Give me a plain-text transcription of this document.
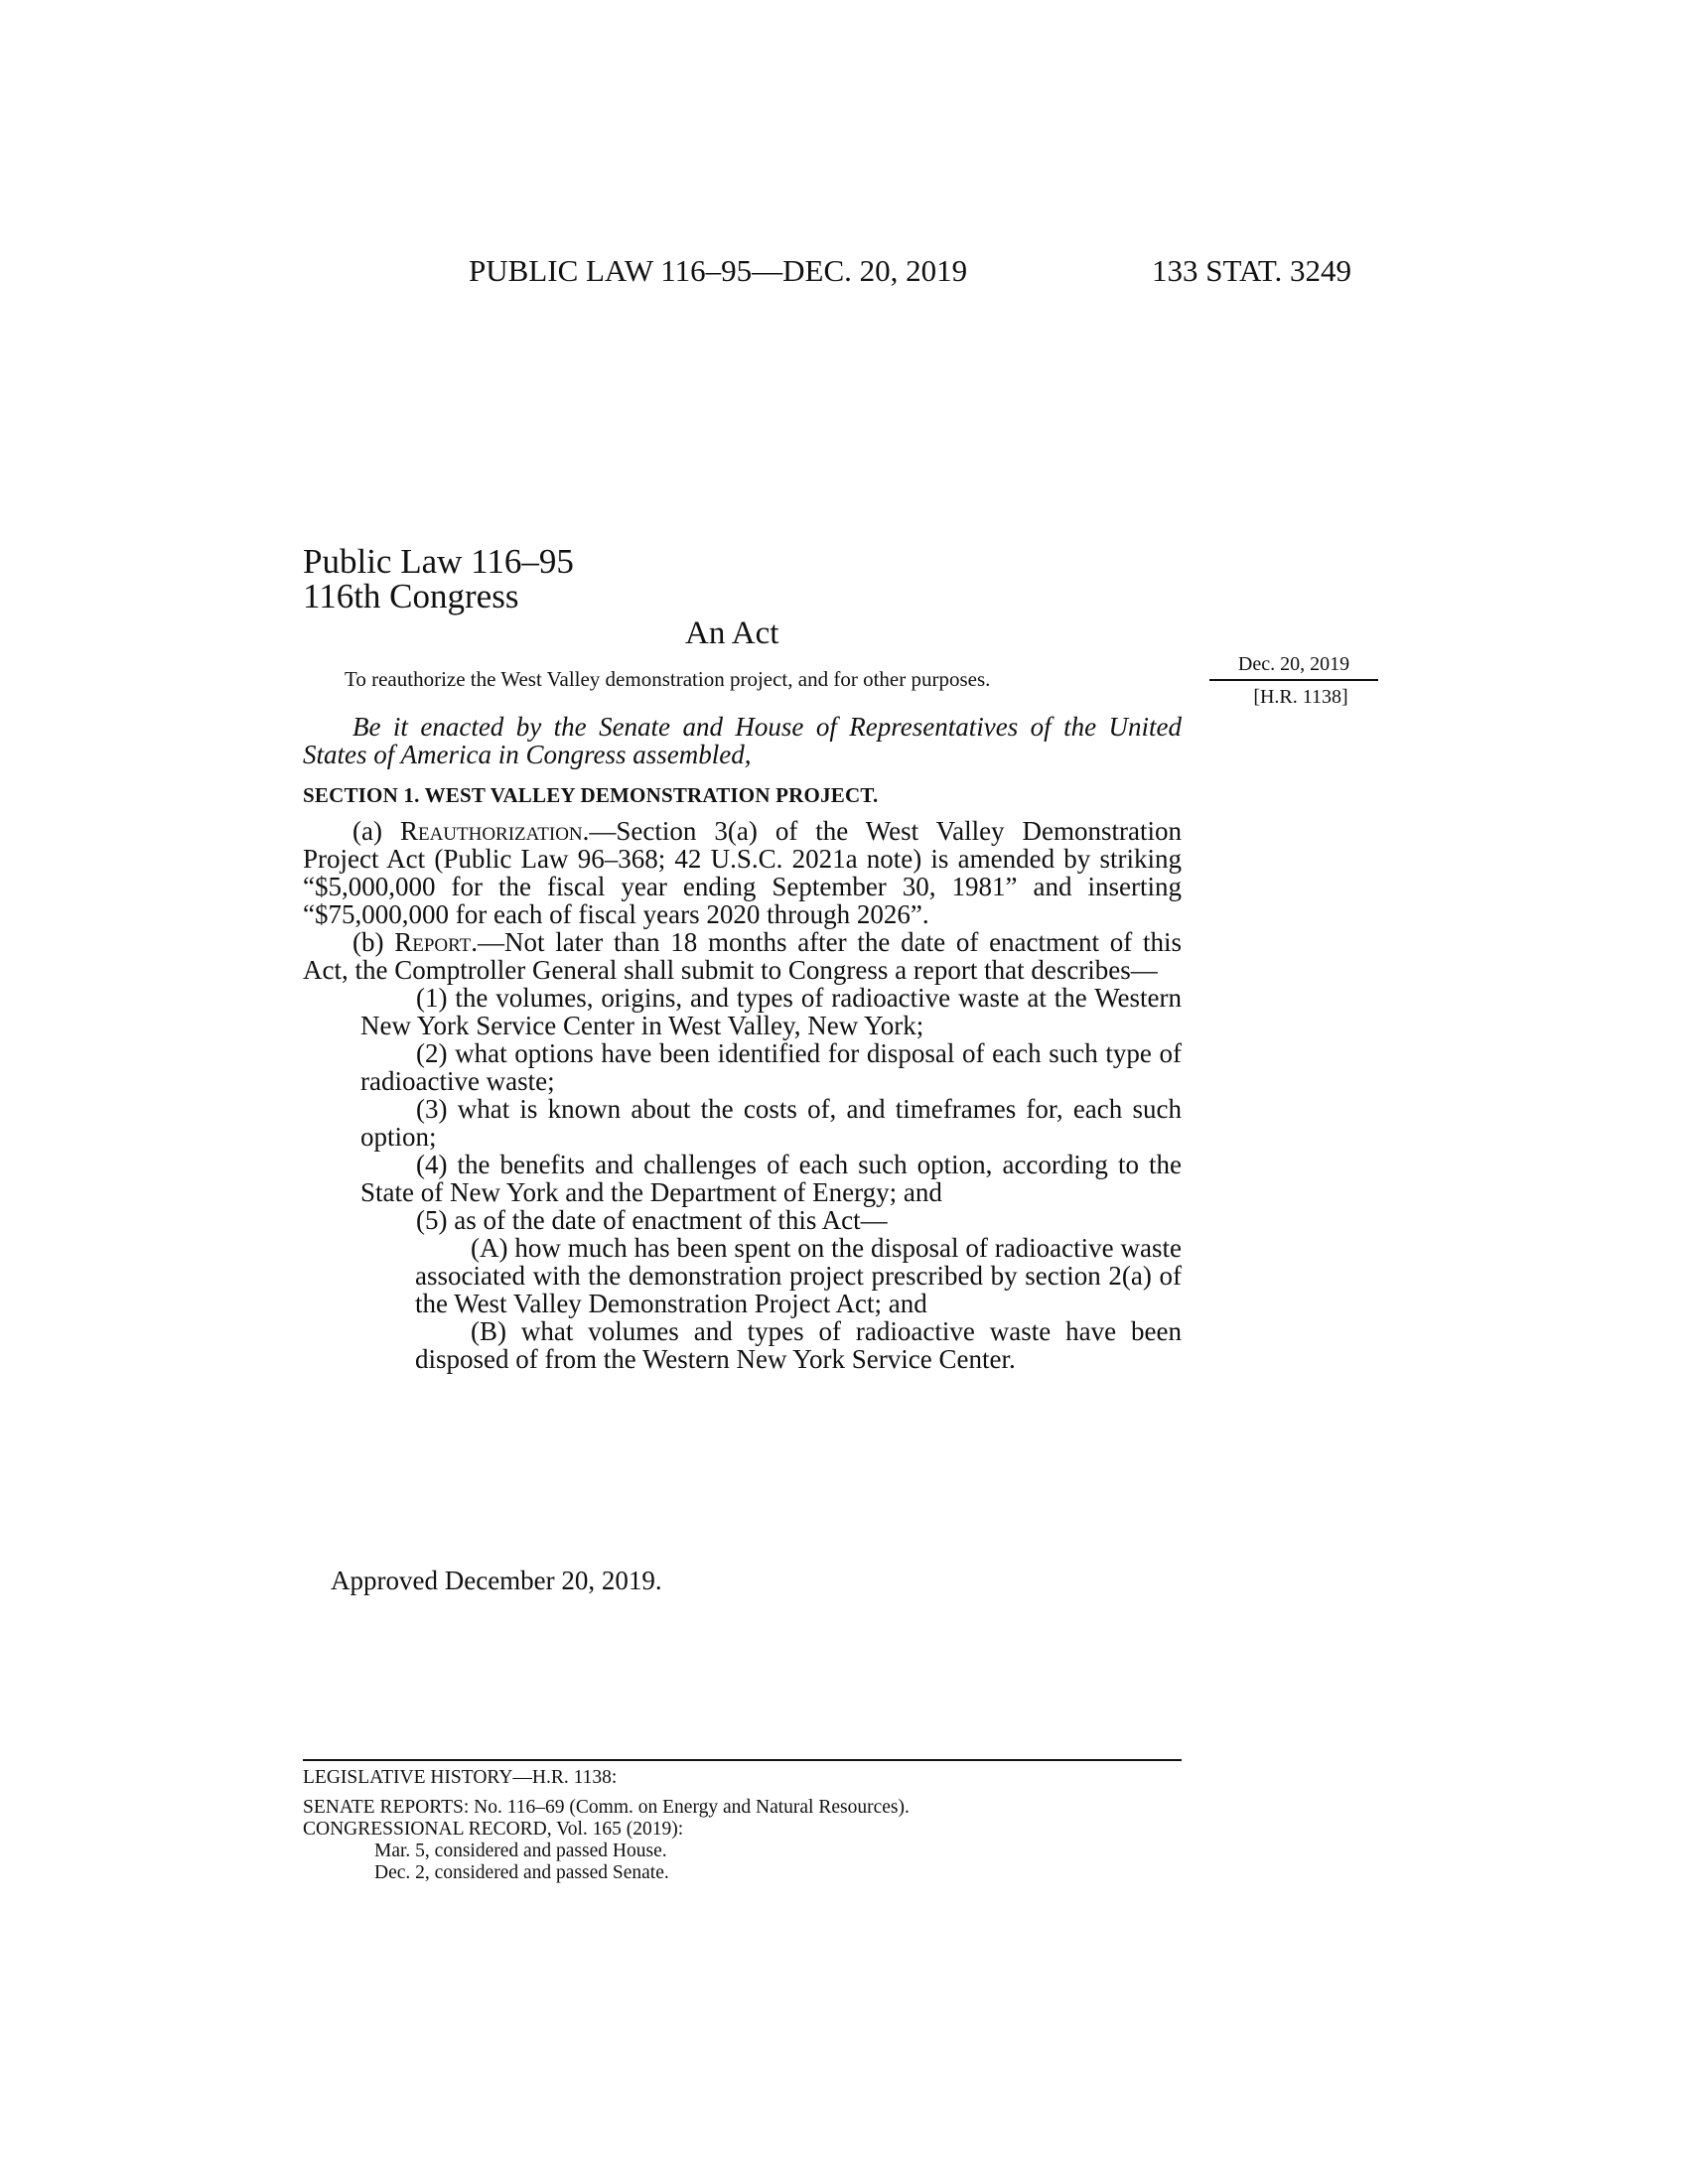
PUBLIC LAW 116–95—DEC. 20, 2019	133 STAT. 3249
Public Law 116–95
116th Congress
An Act
To reauthorize the West Valley demonstration project, and for other purposes.
Dec. 20, 2019
[H.R. 1138]

Be it enacted by the Senate and House of Representatives of the United States of America in Congress assembled,

SECTION 1. WEST VALLEY DEMONSTRATION PROJECT.

(a) Reauthorization.—Section 3(a) of the West Valley Demonstration Project Act (Public Law 96–368; 42 U.S.C. 2021a note) is amended by striking “$5,000,000 for the fiscal year ending September 30, 1981” and inserting “$75,000,000 for each of fiscal years 2020 through 2026”.

(b) Report.—Not later than 18 months after the date of enactment of this Act, the Comptroller General shall submit to Congress a report that describes—

(1) the volumes, origins, and types of radioactive waste at the Western New York Service Center in West Valley, New York;

(2) what options have been identified for disposal of each such type of radioactive waste;

(3) what is known about the costs of, and timeframes for, each such option;

(4) the benefits and challenges of each such option, according to the State of New York and the Department of Energy; and

(5) as of the date of enactment of this Act—

(A) how much has been spent on the disposal of radioactive waste associated with the demonstration project prescribed by section 2(a) of the West Valley Demonstration Project Act; and

(B) what volumes and types of radioactive waste have been disposed of from the Western New York Service Center.

Approved December 20, 2019.
LEGISLATIVE HISTORY—H.R. 1138:
SENATE REPORTS: No. 116–69 (Comm. on Energy and Natural Resources).
CONGRESSIONAL RECORD, Vol. 165 (2019):
Mar. 5, considered and passed House.
Dec. 2, considered and passed Senate.
